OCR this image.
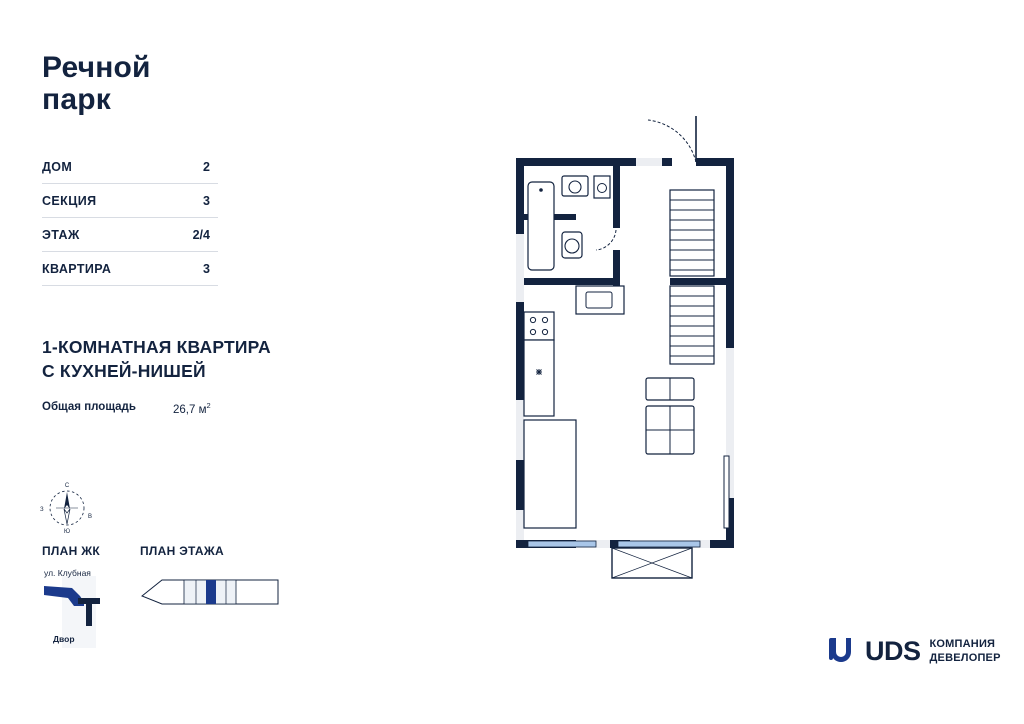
Речной
парк
ДОМ	2
СЕКЦИЯ	3
ЭТАЖ	2/4
КВАРТИРА	3
1-КОМНАТНАЯ КВАРТИРА
С КУХНЕЙ-НИШЕЙ
Общая площадь	26,7 $м^2$
С
Ю
З
В
ПЛАН ЖК	ПЛАН ЭТАЖА
ул. Клубная
Двор	UDS КОМПАНИЯ
ДЕВЕЛОПЕР
